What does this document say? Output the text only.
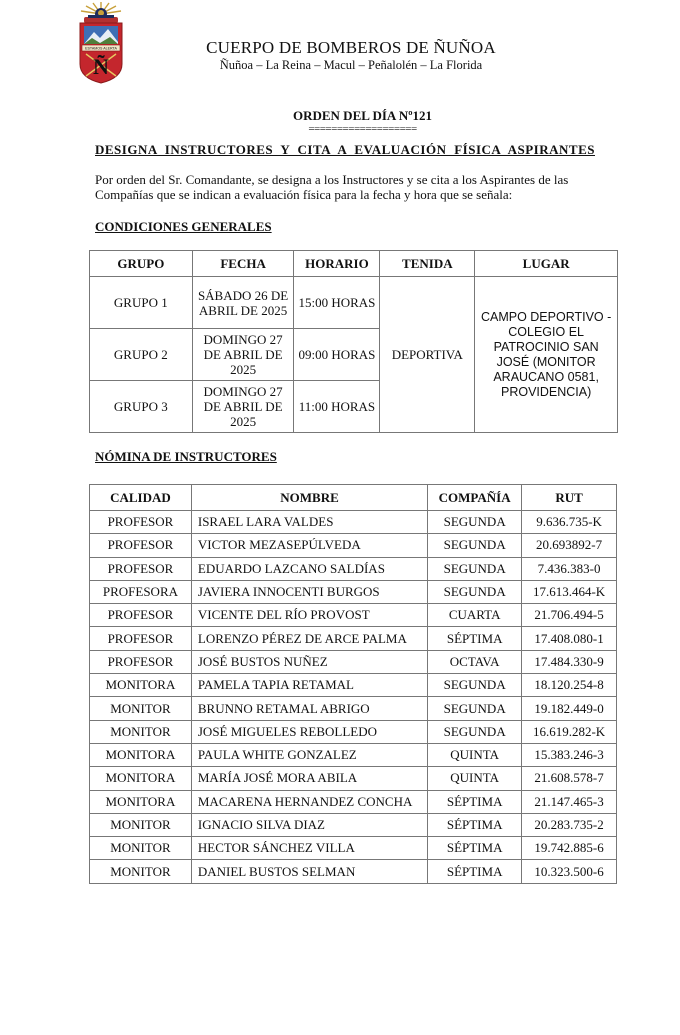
ESTAMOS ALERTA
Ñ
CUERPO DE BOMBEROS DE ÑUÑOA
Ñuñoa – La Reina – Macul – Peñalolén – La Florida
ORDEN DEL DÍA Nº121
===================
DESIGNA INSTRUCTORES Y CITA A EVALUACIÓN FÍSICA ASPIRANTES
Por orden del Sr. Comandante, se designa a los Instructores y se cita a los Aspirantes de las Compañías que se indican a evaluación física para la fecha y hora que se señala:
CONDICIONES GENERALES
GRUPO	FECHA	HORARIO	TENIDA	LUGAR
GRUPO 1	SÁBADO 26 DE ABRIL DE 2025	15:00 HORAS	DEPORTIVA	CAMPO DEPORTIVO - COLEGIO EL PATROCINIO SAN JOSÉ (MONITOR ARAUCANO 0581, PROVIDENCIA)
GRUPO 2	DOMINGO 27 DE ABRIL DE 2025	09:00 HORAS		
GRUPO 3	DOMINGO 27 DE ABRIL DE 2025	11:00 HORAS		
NÓMINA DE INSTRUCTORES
CALIDAD	NOMBRE	COMPAÑÍA	RUT
PROFESOR	ISRAEL LARA VALDES	SEGUNDA	9.636.735-K
PROFESOR	VICTOR MEZASEPÚLVEDA	SEGUNDA	20.693892-7
PROFESOR	EDUARDO LAZCANO SALDÍAS	SEGUNDA	7.436.383-0
PROFESORA	JAVIERA INNOCENTI BURGOS	SEGUNDA	17.613.464-K
PROFESOR	VICENTE DEL RÍO PROVOST	CUARTA	21.706.494-5
PROFESOR	LORENZO PÉREZ DE ARCE PALMA	SÉPTIMA	17.408.080-1
PROFESOR	JOSÉ BUSTOS NUÑEZ	OCTAVA	17.484.330-9
MONITORA	PAMELA TAPIA RETAMAL	SEGUNDA	18.120.254-8
MONITOR	BRUNNO RETAMAL ABRIGO	SEGUNDA	19.182.449-0
MONITOR	JOSÉ MIGUELES REBOLLEDO	SEGUNDA	16.619.282-K
MONITORA	PAULA WHITE GONZALEZ	QUINTA	15.383.246-3
MONITORA	MARÍA JOSÉ MORA ABILA	QUINTA	21.608.578-7
MONITORA	MACARENA HERNANDEZ CONCHA	SÉPTIMA	21.147.465-3
MONITOR	IGNACIO SILVA DIAZ	SÉPTIMA	20.283.735-2
MONITOR	HECTOR SÁNCHEZ VILLA	SÉPTIMA	19.742.885-6
MONITOR	DANIEL BUSTOS SELMAN	SÉPTIMA	10.323.500-6
